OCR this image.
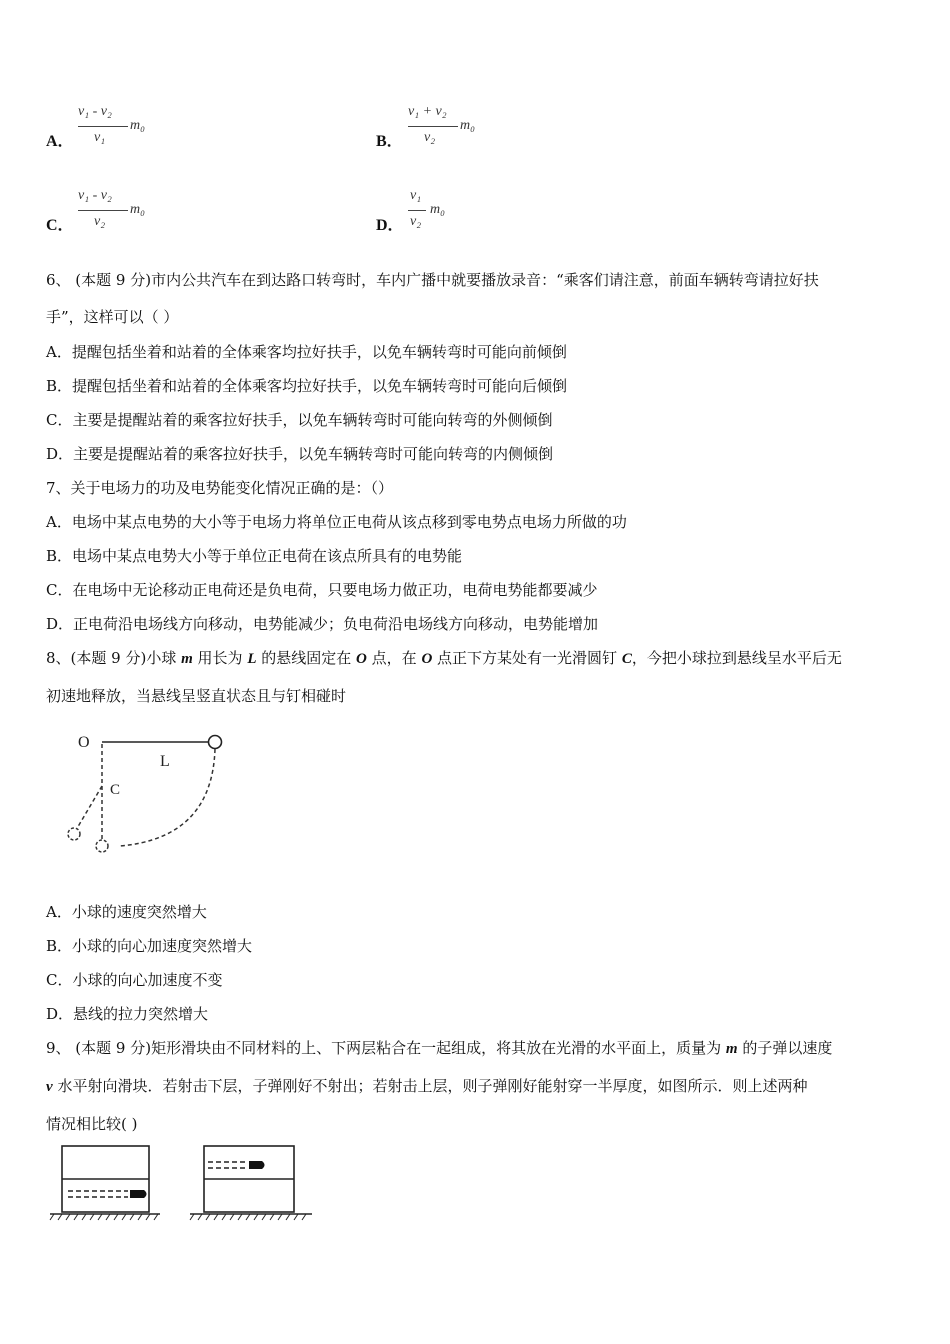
A．
v₁ - v₂
v₁
m₀
B．
v₁ + v₂
v₂
m₀
C．
v₁ - v₂
v₂
m₀
D．
v₁
v₂
m₀
6、 (本题 9 分)市内公共汽车在到达路口转弯时，车内广播中就要播放录音：“乘客们请注意，前面车辆转弯请拉好扶
手”，这样可以（ ）
A．提醒包括坐着和站着的全体乘客均拉好扶手，以免车辆转弯时可能向前倾倒
B．提醒包括坐着和站着的全体乘客均拉好扶手，以免车辆转弯时可能向后倾倒
C．主要是提醒站着的乘客拉好扶手，以免车辆转弯时可能向转弯的外侧倾倒
D．主要是提醒站着的乘客拉好扶手，以免车辆转弯时可能向转弯的内侧倾倒
7、关于电场力的功及电势能变化情况正确的是：（）
A．电场中某点电势的大小等于电场力将单位正电荷从该点移到零电势点电场力所做的功
B．电场中某点电势大小等于单位正电荷在该点所具有的电势能
C．在电场中无论移动正电荷还是负电荷，只要电场力做正功，电荷电势能都要减少
D．正电荷沿电场线方向移动，电势能减少；负电荷沿电场线方向移动，电势能增加
8、(本题 9 分)小球 m 用长为 L 的悬线固定在 O 点，在 O 点正下方某处有一光滑圆钉 C，今把小球拉到悬线呈水平后无
初速地释放，当悬线呈竖直状态且与钉相碰时
O
L
C
A．小球的速度突然增大
B．小球的向心加速度突然增大
C．小球的向心加速度不变
D．悬线的拉力突然增大
9、 (本题 9 分)矩形滑块由不同材料的上、下两层粘合在一起组成，将其放在光滑的水平面上，质量为 m 的子弹以速度
v 水平射向滑块．若射击下层，子弹刚好不射出；若射击上层，则子弹刚好能射穿一半厚度，如图所示．则上述两种
情况相比较( )
